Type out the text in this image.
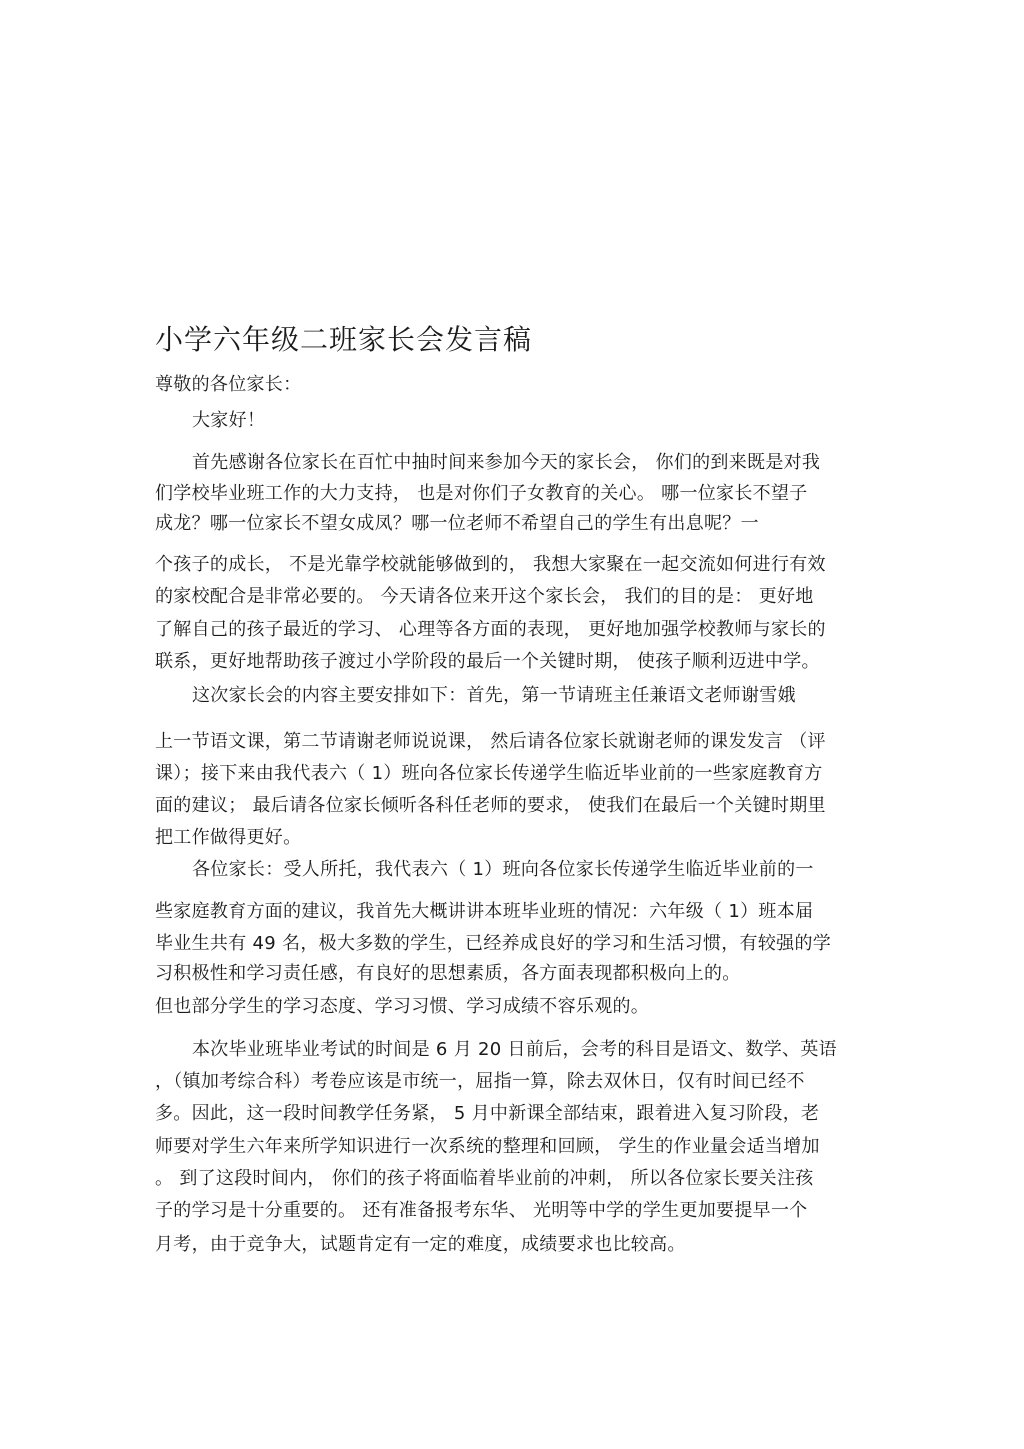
小学六年级二班家长会发言稿
尊敬的各位家长：
大家好！
首先感谢各位家长在百忙中抽时间来参加今天的家长会， 你们的到来既是对我
们学校毕业班工作的大力支持， 也是对你们子女教育的关心。 哪一位家长不望子
成龙？哪一位家长不望女成凤？哪一位老师不希望自己的学生有出息呢？一
个孩子的成长， 不是光靠学校就能够做到的， 我想大家聚在一起交流如何进行有效
的家校配合是非常必要的。 今天请各位来开这个家长会， 我们的目的是： 更好地
了解自己的孩子最近的学习、 心理等各方面的表现， 更好地加强学校教师与家长的
联系，更好地帮助孩子渡过小学阶段的最后一个关键时期， 使孩子顺利迈进中学。
这次家长会的内容主要安排如下：首先，第一节请班主任兼语文老师谢雪娥
上一节语文课，第二节请谢老师说说课， 然后请各位家长就谢老师的课发发言 （评
课）；接下来由我代表六（ 1）班向各位家长传递学生临近毕业前的一些家庭教育方
面的建议； 最后请各位家长倾听各科任老师的要求， 使我们在最后一个关键时期里
把工作做得更好。
各位家长：受人所托，我代表六（ 1）班向各位家长传递学生临近毕业前的一
些家庭教育方面的建议，我首先大概讲讲本班毕业班的情况：六年级（ 1）班本届
毕业生共有 49 名，极大多数的学生，已经养成良好的学习和生活习惯，有较强的学
习积极性和学习责任感，有良好的思想素质，各方面表现都积极向上的。
但也部分学生的学习态度、学习习惯、学习成绩不容乐观的。
本次毕业班毕业考试的时间是 6 月 20 日前后，会考的科目是语文、数学、英语
，（镇加考综合科）考卷应该是市统一，屈指一算，除去双休日，仅有时间已经不
多。因此，这一段时间教学任务紧， 5 月中新课全部结束，跟着进入复习阶段，老
师要对学生六年来所学知识进行一次系统的整理和回顾， 学生的作业量会适当增加
。 到了这段时间内， 你们的孩子将面临着毕业前的冲刺， 所以各位家长要关注孩
子的学习是十分重要的。 还有准备报考东华、 光明等中学的学生更加要提早一个
月考，由于竞争大，试题肯定有一定的难度，成绩要求也比较高。
